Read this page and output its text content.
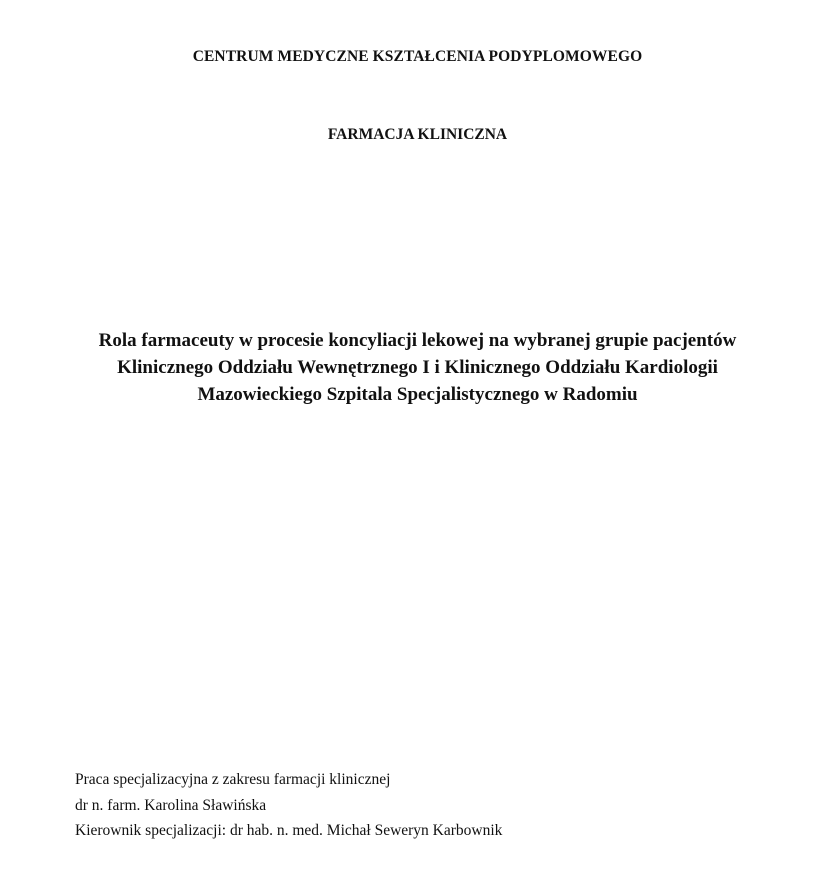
CENTRUM MEDYCZNE KSZTAŁCENIA PODYPLOMOWEGO
FARMACJA KLINICZNA
Rola farmaceuty w procesie koncyliacji lekowej na wybranej grupie pacjentów
Klinicznego Oddziału Wewnętrznego I i Klinicznego Oddziału Kardiologii
Mazowieckiego Szpitala Specjalistycznego w Radomiu
Praca specjalizacyjna z zakresu farmacji klinicznej
dr n. farm. Karolina Sławińska
Kierownik specjalizacji: dr hab. n. med. Michał Seweryn Karbownik
